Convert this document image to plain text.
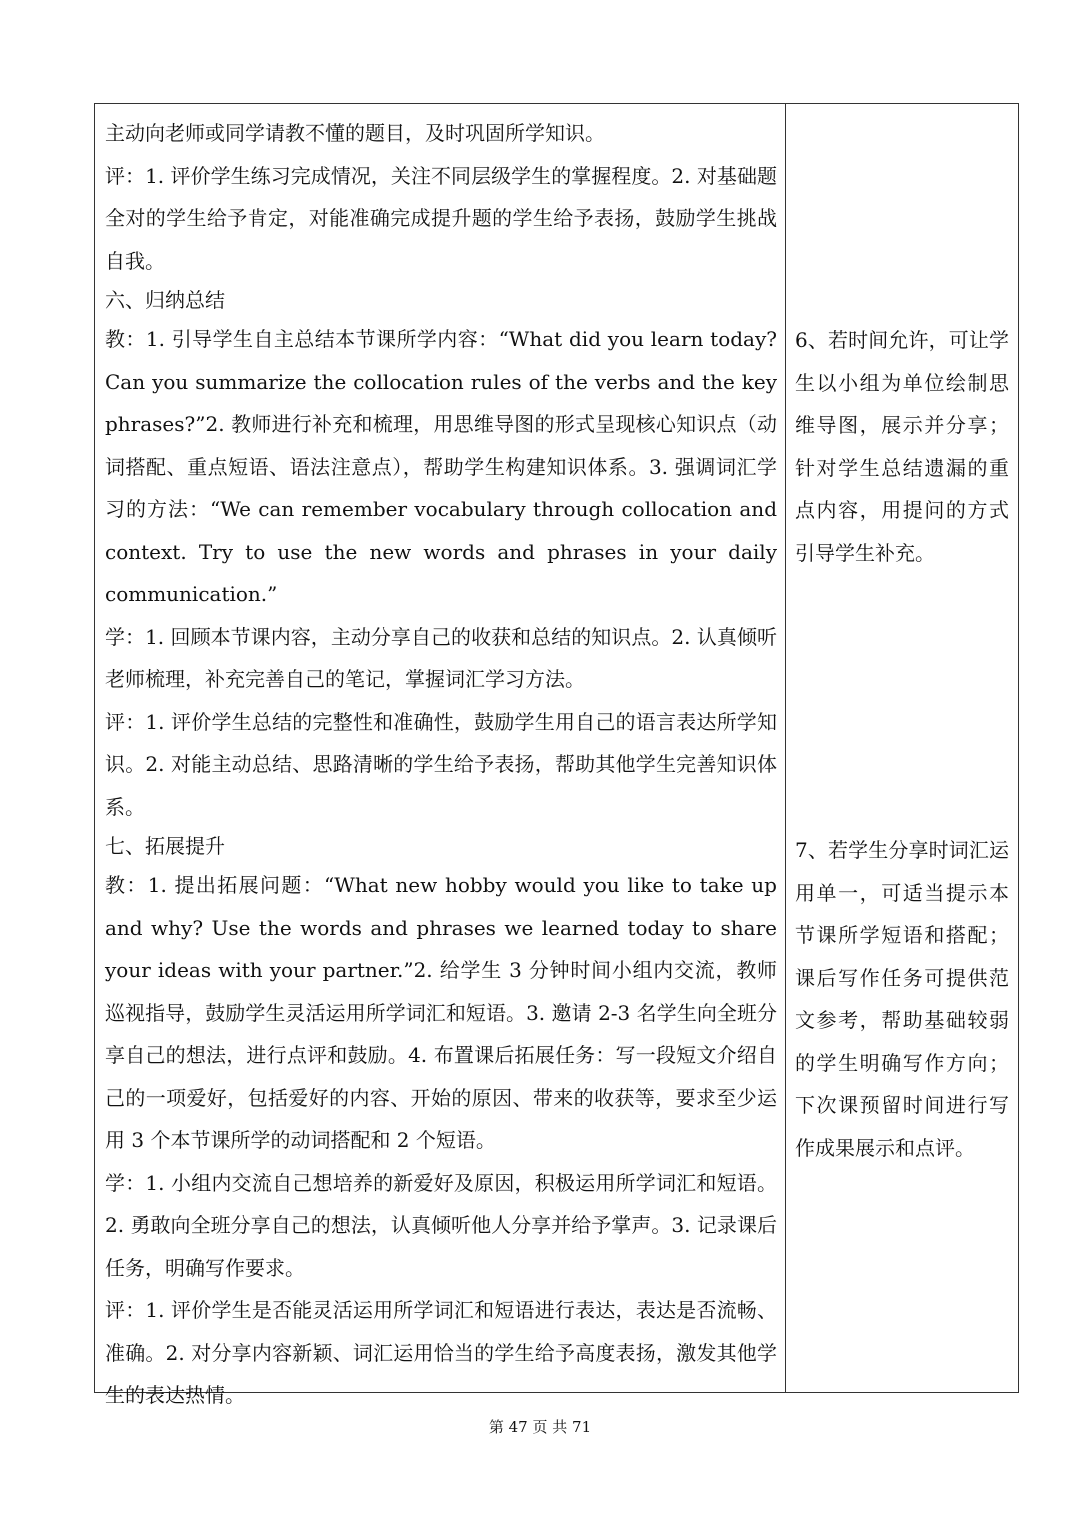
主动向老师或同学请教不懂的题目，及时巩固所学知识。

评：1. 评价学生练习完成情况，关注不同层级学生的掌握程度。2. 对基础题全对的学生给予肯定，对能准确完成提升题的学生给予表扬，鼓励学生挑战自我。

六、归纳总结

教：1. 引导学生自主总结本节课所学内容：“What did you learn today? Can you summarize the collocation rules of the verbs and the key phrases?”2. 教师进行补充和梳理，用思维导图的形式呈现核心知识点（动词搭配、重点短语、语法注意点），帮助学生构建知识体系。3. 强调词汇学习的方法：“We can remember vocabulary through collocation and context. Try to use the new words and phrases in your daily communication.”

学：1. 回顾本节课内容，主动分享自己的收获和总结的知识点。2. 认真倾听老师梳理，补充完善自己的笔记，掌握词汇学习方法。

评：1. 评价学生总结的完整性和准确性，鼓励学生用自己的语言表达所学知识。2. 对能主动总结、思路清晰的学生给予表扬，帮助其他学生完善知识体系。

七、拓展提升

教：1. 提出拓展问题：“What new hobby would you like to take up and why? Use the words and phrases we learned today to share your ideas with your partner.”2. 给学生 3 分钟时间小组内交流，教师巡视指导，鼓励学生灵活运用所学词汇和短语。3. 邀请 2-3 名学生向全班分享自己的想法，进行点评和鼓励。4. 布置课后拓展任务：写一段短文介绍自己的一项爱好，包括爱好的内容、开始的原因、带来的收获等，要求至少运用 3 个本节课所学的动词搭配和 2 个短语。

学：1. 小组内交流自己想培养的新爱好及原因，积极运用所学词汇和短语。2. 勇敢向全班分享自己的想法，认真倾听他人分享并给予掌声。3. 记录课后任务，明确写作要求。

评：1. 评价学生是否能灵活运用所学词汇和短语进行表达，表达是否流畅、准确。2. 对分享内容新颖、词汇运用恰当的学生给予高度表扬，激发其他学生的表达热情。

6、若时间允许，可让学生以小组为单位绘制思维导图，展示并分享；针对学生总结遗漏的重点内容，用提问的方式引导学生补充。

7、若学生分享时词汇运用单一，可适当提示本节课所学短语和搭配；课后写作任务可提供范文参考，帮助基础较弱的学生明确写作方向；下次课预留时间进行写作成果展示和点评。

第 47 页 共 71
